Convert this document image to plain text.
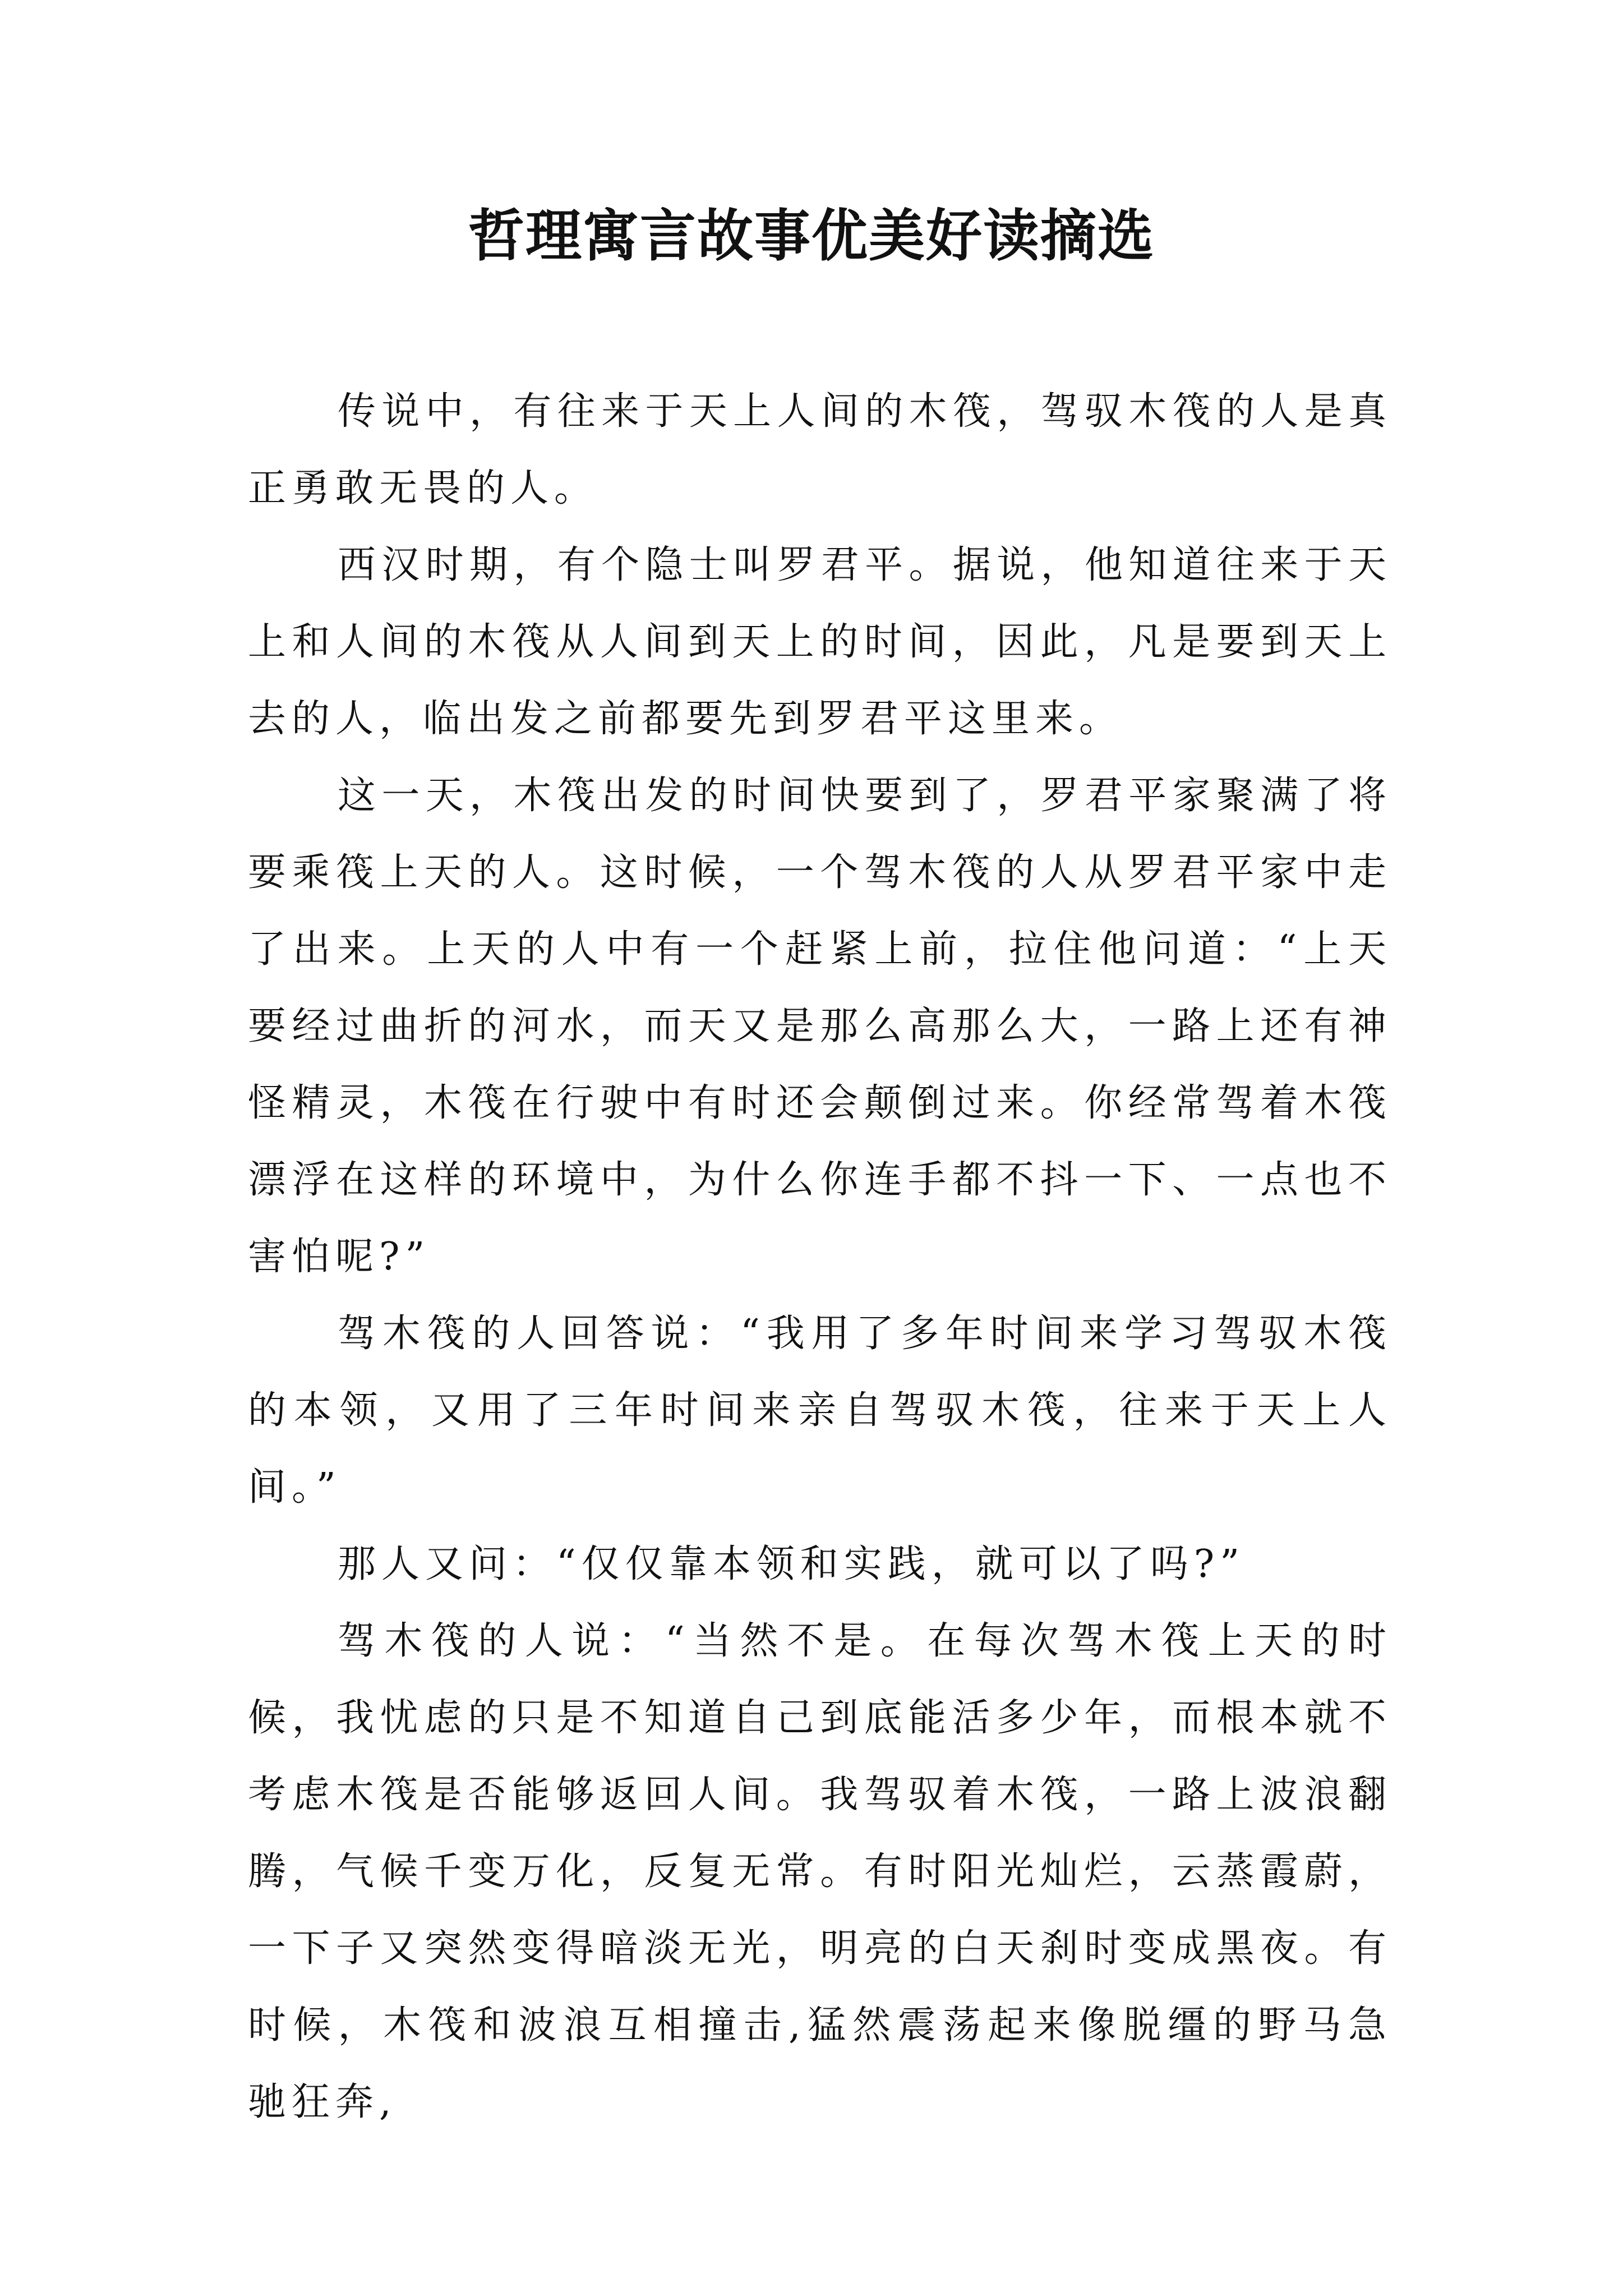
哲理寓言故事优美好读摘选

传说中，有往来于天上人间的木筏，驾驭木筏的人是真正勇敢无畏的人。

西汉时期，有个隐士叫罗君平。据说，他知道往来于天上和人间的木筏从人间到天上的时间，因此，凡是要到天上去的人，临出发之前都要先到罗君平这里来。

这一天，木筏出发的时间快要到了，罗君平家聚满了将要乘筏上天的人。这时候，一个驾木筏的人从罗君平家中走了出来。上天的人中有一个赶紧上前，拉住他问道：“上天要经过曲折的河水，而天又是那么高那么大，一路上还有神怪精灵，木筏在行驶中有时还会颠倒过来。你经常驾着木筏漂浮在这样的环境中，为什么你连手都不抖一下、一点也不害怕呢?”

驾木筏的人回答说：“我用了多年时间来学习驾驭木筏的本领，又用了三年时间来亲自驾驭木筏，往来于天上人间。”

那人又问：“仅仅靠本领和实践，就可以了吗?”

驾木筏的人说：“当然不是。在每次驾木筏上天的时候，我忧虑的只是不知道自己到底能活多少年，而根本就不考虑木筏是否能够返回人间。我驾驭着木筏，一路上波浪翻腾，气候千变万化，反复无常。有时阳光灿烂，云蒸霞蔚，一下子又突然变得暗淡无光，明亮的白天刹时变成黑夜。有时候，木筏和波浪互相撞击,猛然震荡起来像脱缰的野马急驰狂奔,
